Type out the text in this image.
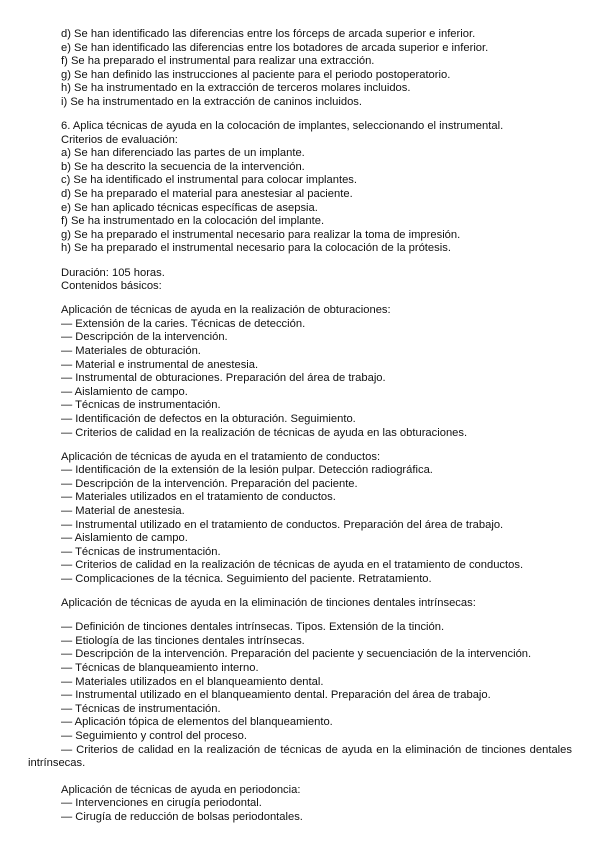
d) Se han identificado las diferencias entre los fórceps de arcada superior e inferior.
e) Se han identificado las diferencias entre los botadores de arcada superior e inferior.
f) Se ha preparado el instrumental para realizar una extracción.
g) Se han definido las instrucciones al paciente para el periodo postoperatorio.
h) Se ha instrumentado en la extracción de terceros molares incluidos.
i) Se ha instrumentado en la extracción de caninos incluidos.
6. Aplica técnicas de ayuda en la colocación de implantes, seleccionando el instrumental.
Criterios de evaluación:
a) Se han diferenciado las partes de un implante.
b) Se ha descrito la secuencia de la intervención.
c) Se ha identificado el instrumental para colocar implantes.
d) Se ha preparado el material para anestesiar al paciente.
e) Se han aplicado técnicas específicas de asepsia.
f) Se ha instrumentado en la colocación del implante.
g) Se ha preparado el instrumental necesario para realizar la toma de impresión.
h) Se ha preparado el instrumental necesario para la colocación de la prótesis.
Duración: 105 horas.
Contenidos básicos:
Aplicación de técnicas de ayuda en la realización de obturaciones:
— Extensión de la caries. Técnicas de detección.
— Descripción de la intervención.
— Materiales de obturación.
— Material e instrumental de anestesia.
— Instrumental de obturaciones. Preparación del área de trabajo.
— Aislamiento de campo.
— Técnicas de instrumentación.
— Identificación de defectos en la obturación. Seguimiento.
— Criterios de calidad en la realización de técnicas de ayuda en las obturaciones.
Aplicación de técnicas de ayuda en el tratamiento de conductos:
— Identificación de la extensión de la lesión pulpar. Detección radiográfica.
— Descripción de la intervención. Preparación del paciente.
— Materiales utilizados en el tratamiento de conductos.
— Material de anestesia.
— Instrumental utilizado en el tratamiento de conductos. Preparación del área de trabajo.
— Aislamiento de campo.
— Técnicas de instrumentación.
— Criterios de calidad en la realización de técnicas de ayuda en el tratamiento de conductos.
— Complicaciones de la técnica. Seguimiento del paciente. Retratamiento.
Aplicación de técnicas de ayuda en la eliminación de tinciones dentales intrínsecas:
— Definición de tinciones dentales intrínsecas. Tipos. Extensión de la tinción.
— Etiología de las tinciones dentales intrínsecas.
— Descripción de la intervención. Preparación del paciente y secuenciación de la intervención.
— Técnicas de blanqueamiento interno.
— Materiales utilizados en el blanqueamiento dental.
— Instrumental utilizado en el blanqueamiento dental. Preparación del área de trabajo.
— Técnicas de instrumentación.
— Aplicación tópica de elementos del blanqueamiento.
— Seguimiento y control del proceso.
— Criterios de calidad en la realización de técnicas de ayuda en la eliminación de tinciones dentales
intrínsecas.
Aplicación de técnicas de ayuda en periodoncia:
— Intervenciones en cirugía periodontal.
— Cirugía de reducción de bolsas periodontales.
